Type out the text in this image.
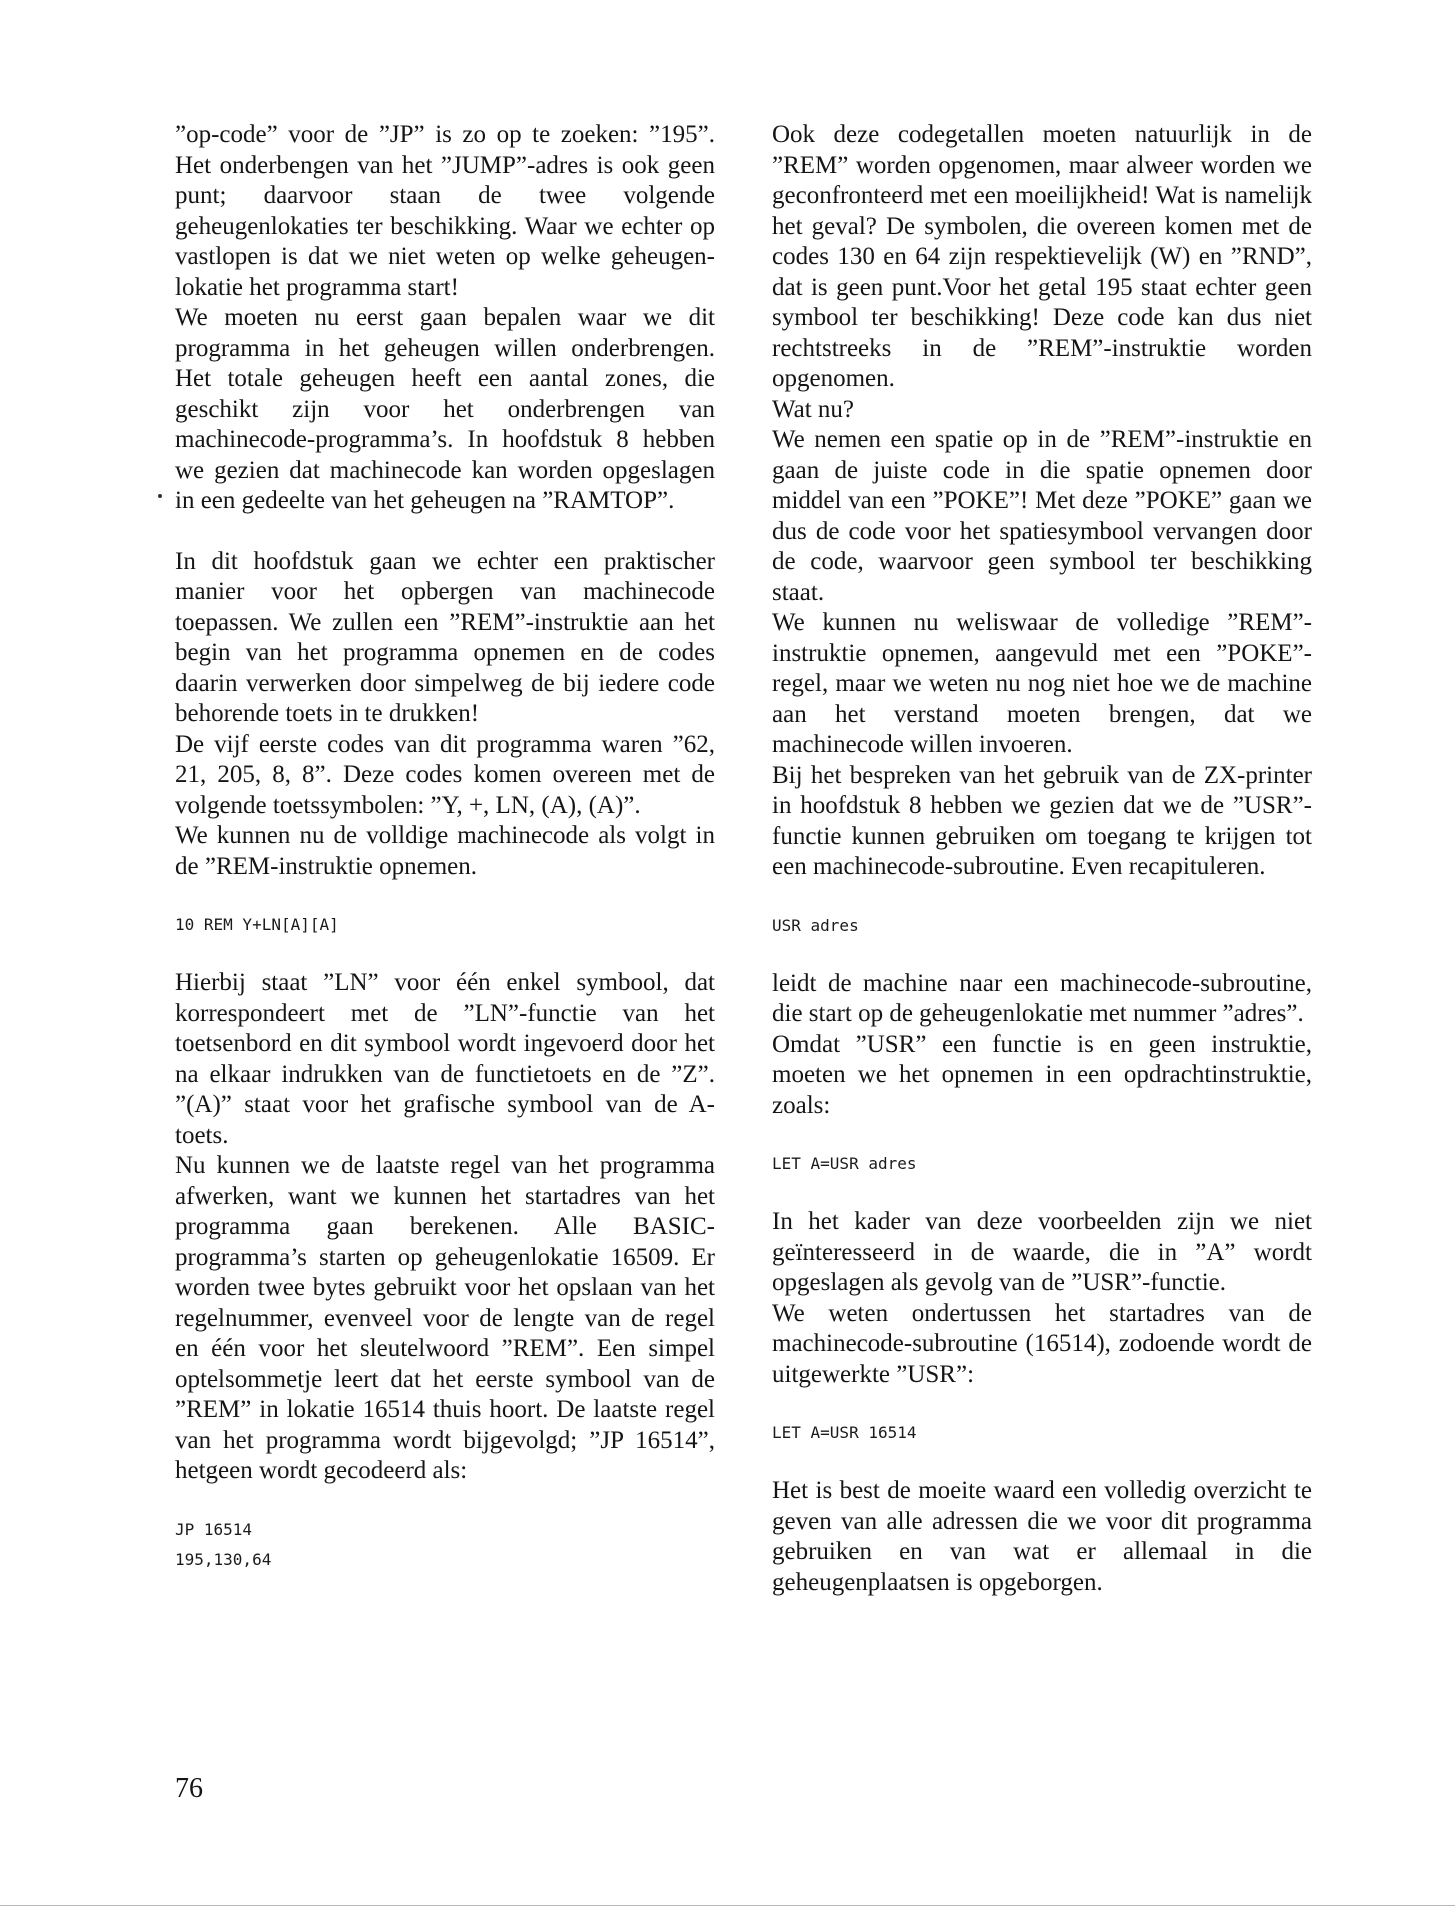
”op-code” voor de ”JP” is zo op te zoeken: ”195”. Het onderbengen van het ”JUMP”-adres is ook geen punt; daarvoor staan de twee volgende geheugenlokaties ter beschikking. Waar we echter op vastlopen is dat we niet weten op welke geheugen-lokatie het programma start!
We moeten nu eerst gaan bepalen waar we dit programma in het geheugen willen onderbrengen. Het totale geheugen heeft een aantal zones, die geschikt zijn voor het onderbrengen van machinecode-programma’s. In hoofdstuk 8 hebben we gezien dat machinecode kan worden opgeslagen in een gedeelte van het geheugen na ”RAMTOP”.

In dit hoofdstuk gaan we echter een praktischer manier voor het opbergen van machinecode toepassen. We zullen een ”REM”-instruktie aan het begin van het programma opnemen en de codes daarin verwerken door simpelweg de bij iedere code behorende toets in te drukken!
De vijf eerste codes van dit programma waren ”62, 21, 205, 8, 8”. Deze codes komen overeen met de volgende toetssymbolen: ”Y, +, LN, (A), (A)”.
We kunnen nu de volldige machinecode als volgt in de ”REM-instruktie opnemen.

10 REM Y+LN[A][A]

Hierbij staat ”LN” voor één enkel symbool, dat korrespondeert met de ”LN”-functie van het toetsenbord en dit symbool wordt ingevoerd door het na elkaar indrukken van de functietoets en de ”Z”. ”(A)” staat voor het grafische symbool van de A-toets.
Nu kunnen we de laatste regel van het programma afwerken, want we kunnen het startadres van het programma gaan berekenen. Alle BASIC-programma’s starten op geheugenlokatie 16509. Er worden twee bytes gebruikt voor het opslaan van het regelnummer, evenveel voor de lengte van de regel en één voor het sleutelwoord ”REM”. Een simpel optelsommetje leert dat het eerste symbool van de ”REM” in lokatie 16514 thuis hoort. De laatste regel van het programma wordt bijgevolgd; ”JP 16514”, hetgeen wordt gecodeerd als:

JP 16514
195,130,64

Ook deze codegetallen moeten natuurlijk in de ”REM” worden opgenomen, maar alweer worden we geconfronteerd met een moeilijkheid! Wat is namelijk het geval? De symbolen, die overeen komen met de codes 130 en 64 zijn respektievelijk (W) en ”RND”, dat is geen punt.Voor het getal 195 staat echter geen symbool ter beschikking! Deze code kan dus niet rechtstreeks in de ”REM”-instruktie worden opgenomen.
Wat nu?
We nemen een spatie op in de ”REM”-instruktie en gaan de juiste code in die spatie opnemen door middel van een ”POKE”! Met deze ”POKE” gaan we dus de code voor het spatiesymbool vervangen door de code, waarvoor geen symbool ter beschikking staat.
We kunnen nu weliswaar de volledige ”REM”-instruktie opnemen, aangevuld met een ”POKE”-regel, maar we weten nu nog niet hoe we de machine aan het verstand moeten brengen, dat we machinecode willen invoeren.
Bij het bespreken van het gebruik van de ZX-printer in hoofdstuk 8 hebben we gezien dat we de ”USR”-functie kunnen gebruiken om toegang te krijgen tot een machinecode-subroutine. Even recapituleren.

USR adres

leidt de machine naar een machinecode-subroutine, die start op de geheugenlokatie met nummer ”adres”.
Omdat ”USR” een functie is en geen instruktie, moeten we het opnemen in een opdrachtinstruktie, zoals:

LET A=USR adres

In het kader van deze voorbeelden zijn we niet geïnteresseerd in de waarde, die in ”A” wordt opgeslagen als gevolg van de ”USR”-functie.
We weten ondertussen het startadres van de machinecode-subroutine (16514), zodoende wordt de uitgewerkte ”USR”:

LET A=USR 16514

Het is best de moeite waard een volledig overzicht te geven van alle adressen die we voor dit programma gebruiken en van wat er allemaal in die geheugenplaatsen is opgeborgen.

76
